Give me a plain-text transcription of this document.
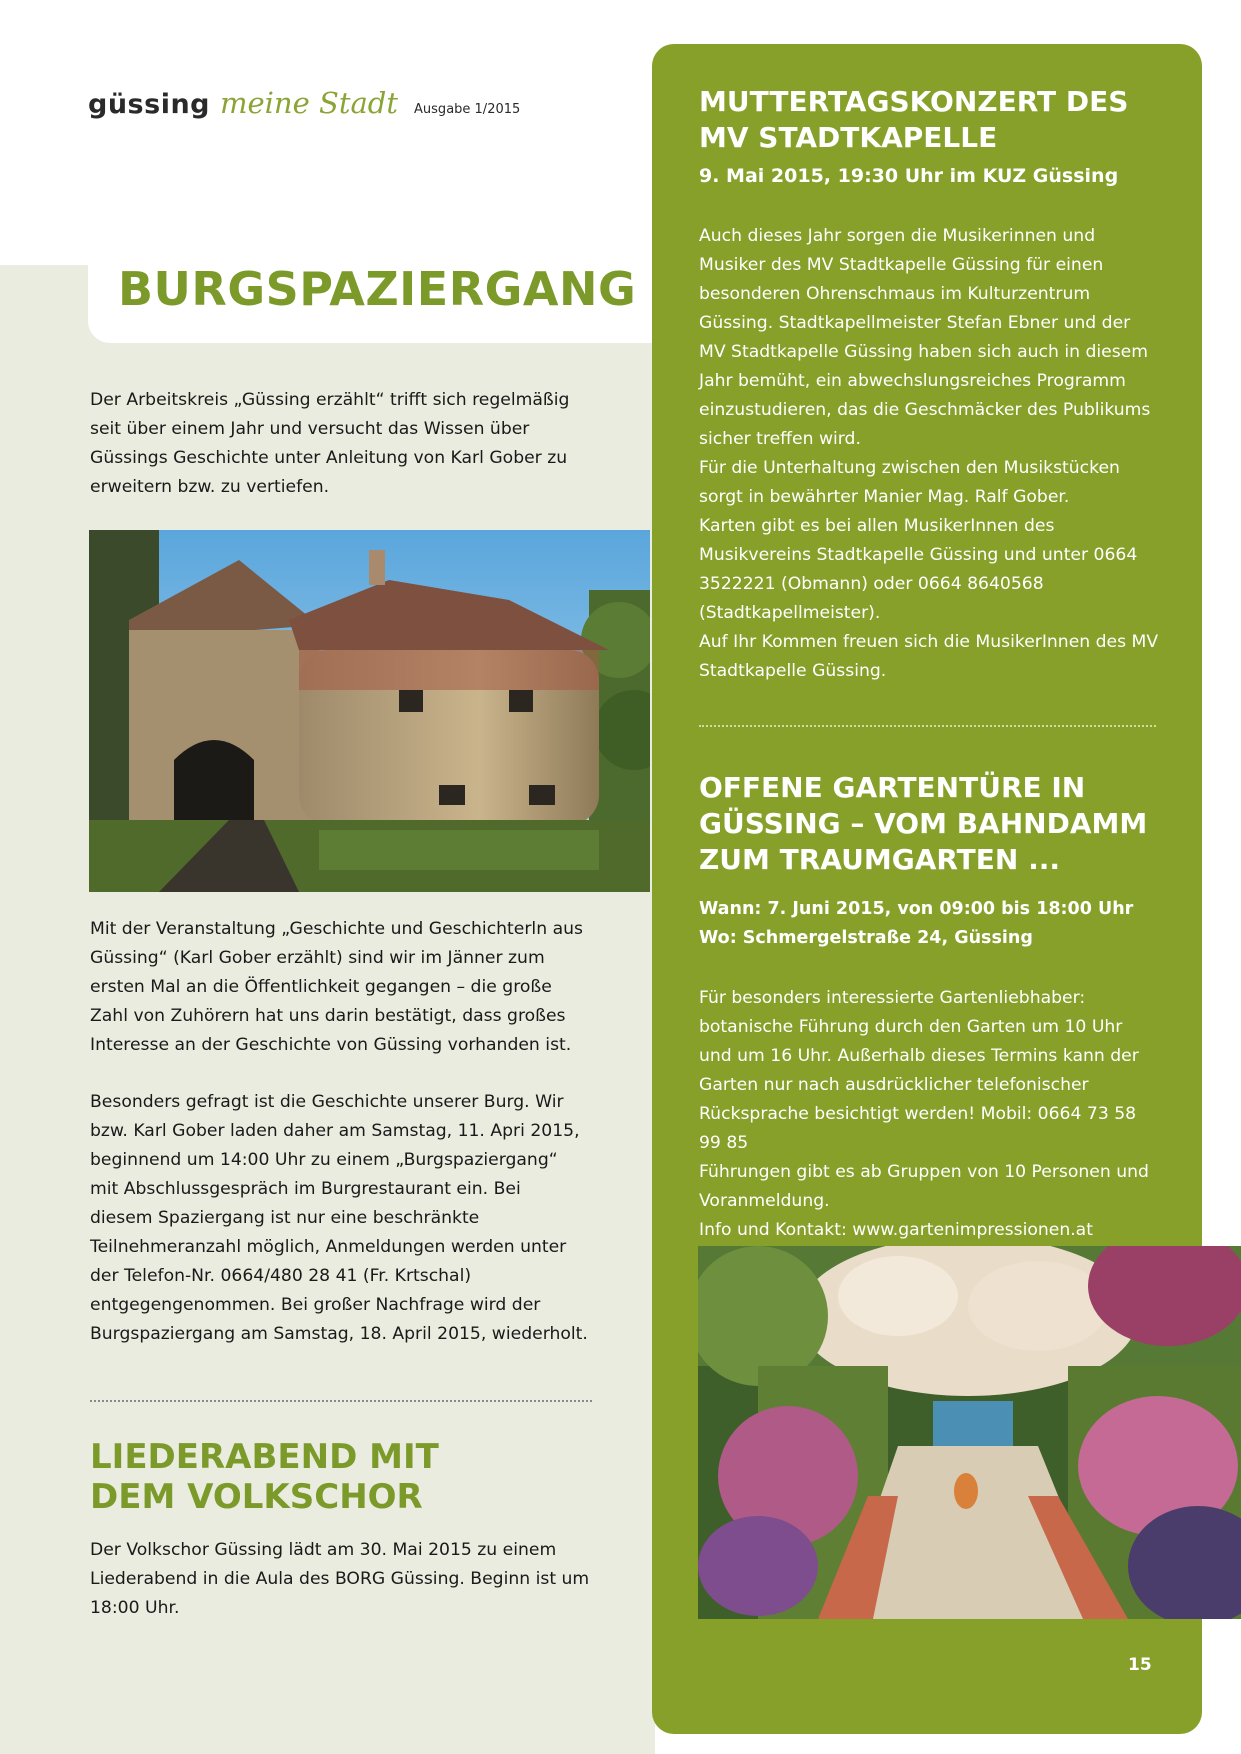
güssing meine Stadt Ausgabe 1/2015
BURGSPAZIERGANG

Der Arbeitskreis „Güssing erzählt“ trifft sich regelmäßig seit über einem Jahr und versucht das Wissen über Güssings Geschichte unter Anleitung von Karl Gober zu erweitern bzw. zu vertiefen.

Mit der Veranstaltung „Geschichte und Geschichterln aus Güssing“ (Karl Gober erzählt) sind wir im Jänner zum ersten Mal an die Öffentlichkeit gegangen – die große Zahl von Zuhörern hat uns darin bestätigt, dass großes Interesse an der Geschichte von Güssing vorhanden ist.

Besonders gefragt ist die Geschichte unserer Burg. Wir bzw. Karl Gober laden daher am Samstag, 11. Apri 2015, beginnend um 14:00 Uhr zu einem „Burgspaziergang“ mit Abschlussgespräch im Burgrestaurant ein. Bei diesem Spaziergang ist nur eine beschränkte Teilnehmeranzahl möglich, Anmeldungen werden unter der Telefon-Nr. 0664/480 28 41 (Fr. Krtschal) entgegengenommen. Bei großer Nachfrage wird der Burgspaziergang am Samstag, 18. April 2015, wiederholt.

LIEDERABEND MIT
DEM VOLKSCHOR

Der Volkschor Güssing lädt am 30. Mai 2015 zu einem Liederabend in die Aula des BORG Güssing. Beginn ist um 18:00 Uhr.

MUTTERTAGSKONZERT DES
MV STADTKAPELLE

9. Mai 2015, 19:30 Uhr im KUZ Güssing

Auch dieses Jahr sorgen die Musikerinnen und Musiker des MV Stadtkapelle Güssing für einen besonderen Ohrenschmaus im Kulturzentrum Güssing. Stadtkapellmeister Stefan Ebner und der MV Stadtkapelle Güssing haben sich auch in diesem Jahr bemüht, ein abwechslungsreiches Programm einzustudieren, das die Geschmäcker des Publikums sicher treffen wird.
Für die Unterhaltung zwischen den Musikstücken sorgt in bewährter Manier Mag. Ralf Gober.
Karten gibt es bei allen MusikerInnen des Musikvereins Stadtkapelle Güssing und unter 0664 3522221 (Obmann) oder 0664 8640568 (Stadtkapellmeister).
Auf Ihr Kommen freuen sich die MusikerInnen des MV Stadtkapelle Güssing.
OFFENE GARTENTÜRE IN
GÜSSING – VOM BAHNDAMM
ZUM TRAUMGARTEN ...
Wann: 7. Juni 2015, von 09:00 bis 18:00 Uhr
Wo: Schmergelstraße 24, Güssing
Für besonders interessierte Gartenliebhaber: botanische Führung durch den Garten um 10 Uhr und um 16 Uhr. Außerhalb dieses Termins kann der Garten nur nach ausdrücklicher telefonischer Rücksprache besichtigt werden! Mobil: 0664 73 58 99 85
Führungen gibt es ab Gruppen von 10 Personen und Voranmeldung.
Info und Kontakt: www.gartenimpressionen.at
15
